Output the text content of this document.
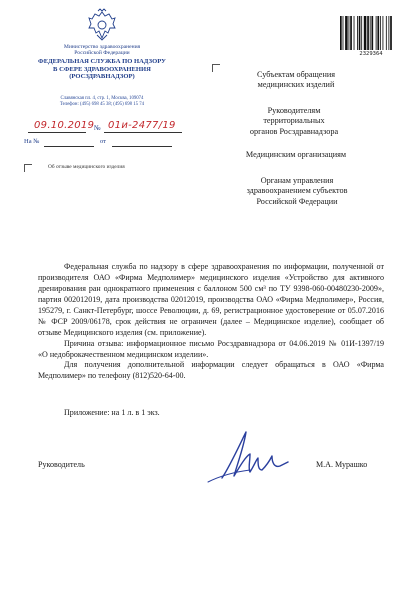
Министерство здравоохранения
Российской Федерации
ФЕДЕРАЛЬНАЯ СЛУЖБА ПО НАДЗОРУ
В СФЕРЕ ЗДРАВООХРАНЕНИЯ
(РОСЗДРАВНАДЗОР)
Славянская пл. 4, стр. 1, Москва, 109074
Телефон: (495) 698 45 38; (495) 698 15 74
№
09.10.2019 01и-2477/19
На №	от
Об отзыве медицинского изделия
2329364
Субъектам обращения
медицинских изделий
Руководителям
территориальных
органов Росздравнадзора
Медицинским организациям
Органам управления
здравоохранением субъектов
Российской Федерации

Федеральная служба по надзору в сфере здравоохранения по информации, полученной от производителя ОАО «Фирма Медполимер» медицинского изделия «Устройство для активного дренирования ран однократного применения с баллоном 500 см³ по ТУ 9398-060-00480230-2009», партия 002012019, дата производства 02012019, производства ОАО «Фирма Медполимер», Россия, 195279, г. Санкт-Петербург, шоссе Революции, д. 69, регистрационное удостоверение от 05.07.2016 № ФСР 2009/06178, срок действия не ограничен (далее – Медицинское изделие), сообщает об отзыве Медицинского изделия (см. приложение).

Причина отзыва: информационное письмо Росздравнадзора от 04.06.2019 № 01И-1397/19 «О недоброкачественном медицинском изделии».

Для получения дополнительной информации следует обращаться в ОАО «Фирма Медполимер» по телефону (812)520-64-00.

Приложение: на 1 л. в 1 экз.
Руководитель	М.А. Мурашко
